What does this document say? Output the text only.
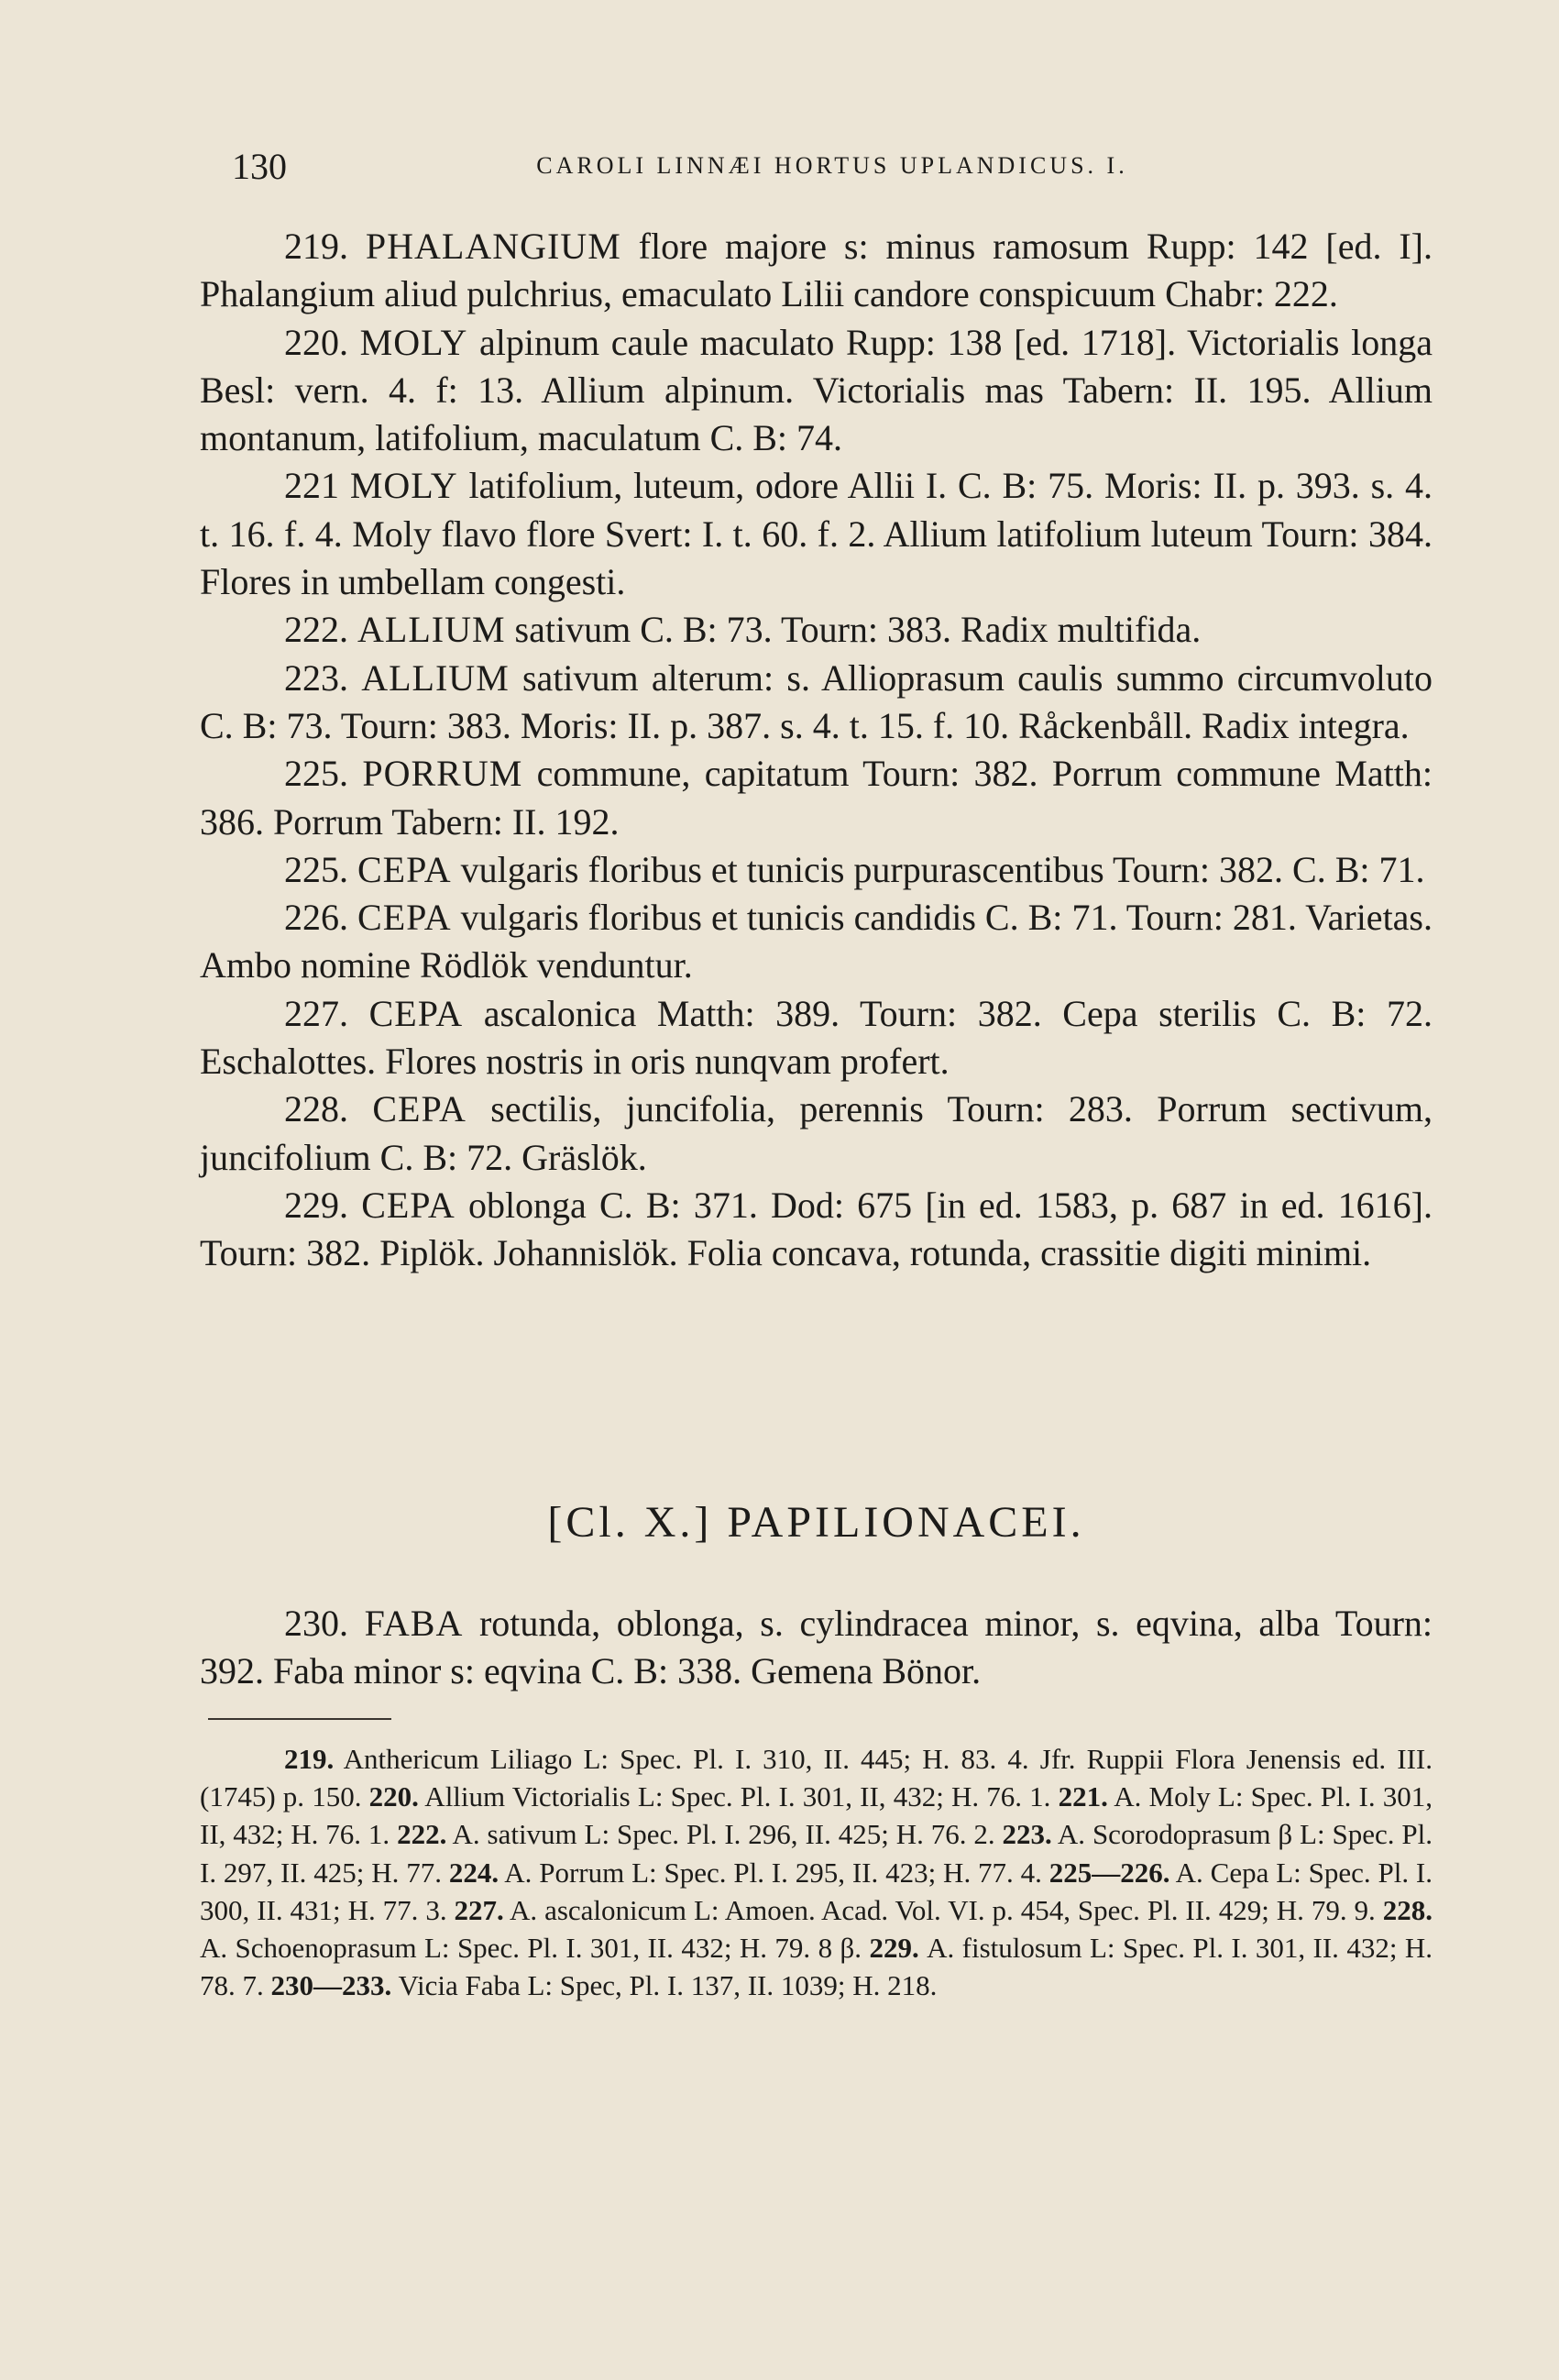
130	CAROLI LINNÆI HORTUS UPLANDICUS. I.

219. PHALANGIUM flore majore s: minus ramosum Rupp: 142 [ed. I]. Phalangium aliud pulchrius, emaculato Lilii candore conspicuum Chabr: 222.

220. MOLY alpinum caule maculato Rupp: 138 [ed. 1718]. Victorialis longa Besl: vern. 4. f: 13. Allium alpinum. Victorialis mas Tabern: II. 195. Allium montanum, latifolium, maculatum C. B: 74.

221 MOLY latifolium, luteum, odore Allii I. C. B: 75. Moris: II. p. 393. s. 4. t. 16. f. 4. Moly flavo flore Svert: I. t. 60. f. 2. Allium latifolium luteum Tourn: 384. Flores in umbellam congesti.

222. ALLIUM sativum C. B: 73. Tourn: 383. Radix multifida.

223. ALLIUM sativum alterum: s. Allioprasum caulis summo circumvoluto C. B: 73. Tourn: 383. Moris: II. p. 387. s. 4. t. 15. f. 10. Råckenbåll. Radix integra.

225. PORRUM commune, capitatum Tourn: 382. Porrum commune Matth: 386. Porrum Tabern: II. 192.

225. CEPA vulgaris floribus et tunicis purpurascentibus Tourn: 382. C. B: 71.

226. CEPA vulgaris floribus et tunicis candidis C. B: 71. Tourn: 281. Varietas. Ambo nomine Rödlök venduntur.

227. CEPA ascalonica Matth: 389. Tourn: 382. Cepa sterilis C. B: 72. Eschalottes. Flores nostris in oris nunqvam profert.

228. CEPA sectilis, juncifolia, perennis Tourn: 283. Porrum sectivum, juncifolium C. B: 72. Gräslök.

229. CEPA oblonga C. B: 371. Dod: 675 [in ed. 1583, p. 687 in ed. 1616]. Tourn: 382. Piplök. Johannislök. Folia concava, rotunda, crassitie digiti minimi.

[Cl. X.] PAPILIONACEI.

230. FABA rotunda, oblonga, s. cylindracea minor, s. eqvina, alba Tourn: 392. Faba minor s: eqvina C. B: 338. Gemena Bönor.

219. Anthericum Liliago L: Spec. Pl. I. 310, II. 445; H. 83. 4. Jfr. Ruppii Flora Jenensis ed. III. (1745) p. 150. 220. Allium Victorialis L: Spec. Pl. I. 301, II, 432; H. 76. 1. 221. A. Moly L: Spec. Pl. I. 301, II, 432; H. 76. 1. 222. A. sativum L: Spec. Pl. I. 296, II. 425; H. 76. 2. 223. A. Scorodoprasum β L: Spec. Pl. I. 297, II. 425; H. 77. 224. A. Porrum L: Spec. Pl. I. 295, II. 423; H. 77. 4. 225—226. A. Cepa L: Spec. Pl. I. 300, II. 431; H. 77. 3. 227. A. ascalonicum L: Amoen. Acad. Vol. VI. p. 454, Spec. Pl. II. 429; H. 79. 9. 228. A. Schoenoprasum L: Spec. Pl. I. 301, II. 432; H. 79. 8 β. 229. A. fistulosum L: Spec. Pl. I. 301, II. 432; H. 78. 7. 230—233. Vicia Faba L: Spec, Pl. I. 137, II. 1039; H. 218.
